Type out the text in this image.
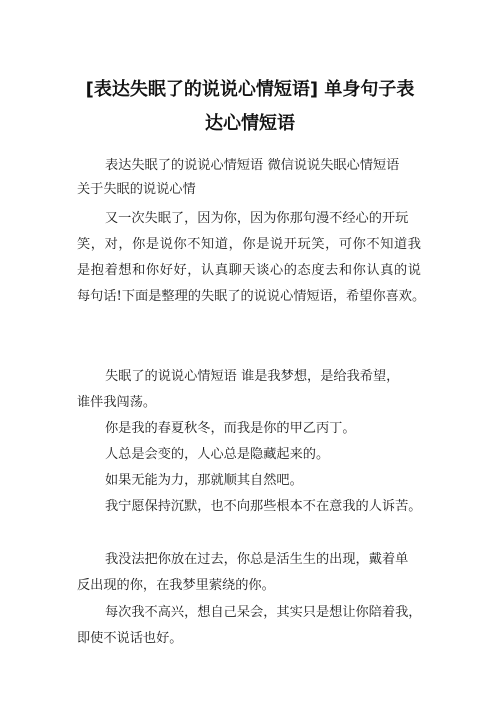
[表达失眠了的说说心情短语] 单身句子表
达心情短语
表达失眠了的说说心情短语 微信说说失眠心情短语
关于失眠的说说心情
又一次失眠了，因为你，因为你那句漫不经心的开玩
笑，对，你是说你不知道，你是说开玩笑，可你不知道我
是抱着想和你好好，认真聊天谈心的态度去和你认真的说
每句话!下面是整理的失眠了的说说心情短语，希望你喜欢。
失眠了的说说心情短语 谁是我梦想，是给我希望，
谁伴我闯荡。
你是我的春夏秋冬，而我是你的甲乙丙丁。
人总是会变的，人心总是隐藏起来的。
如果无能为力，那就顺其自然吧。
我宁愿保持沉默，也不向那些根本不在意我的人诉苦。
我没法把你放在过去，你总是活生生的出现，戴着单
反出现的你，在我梦里萦绕的你。
每次我不高兴，想自己呆会，其实只是想让你陪着我，
即使不说话也好。
